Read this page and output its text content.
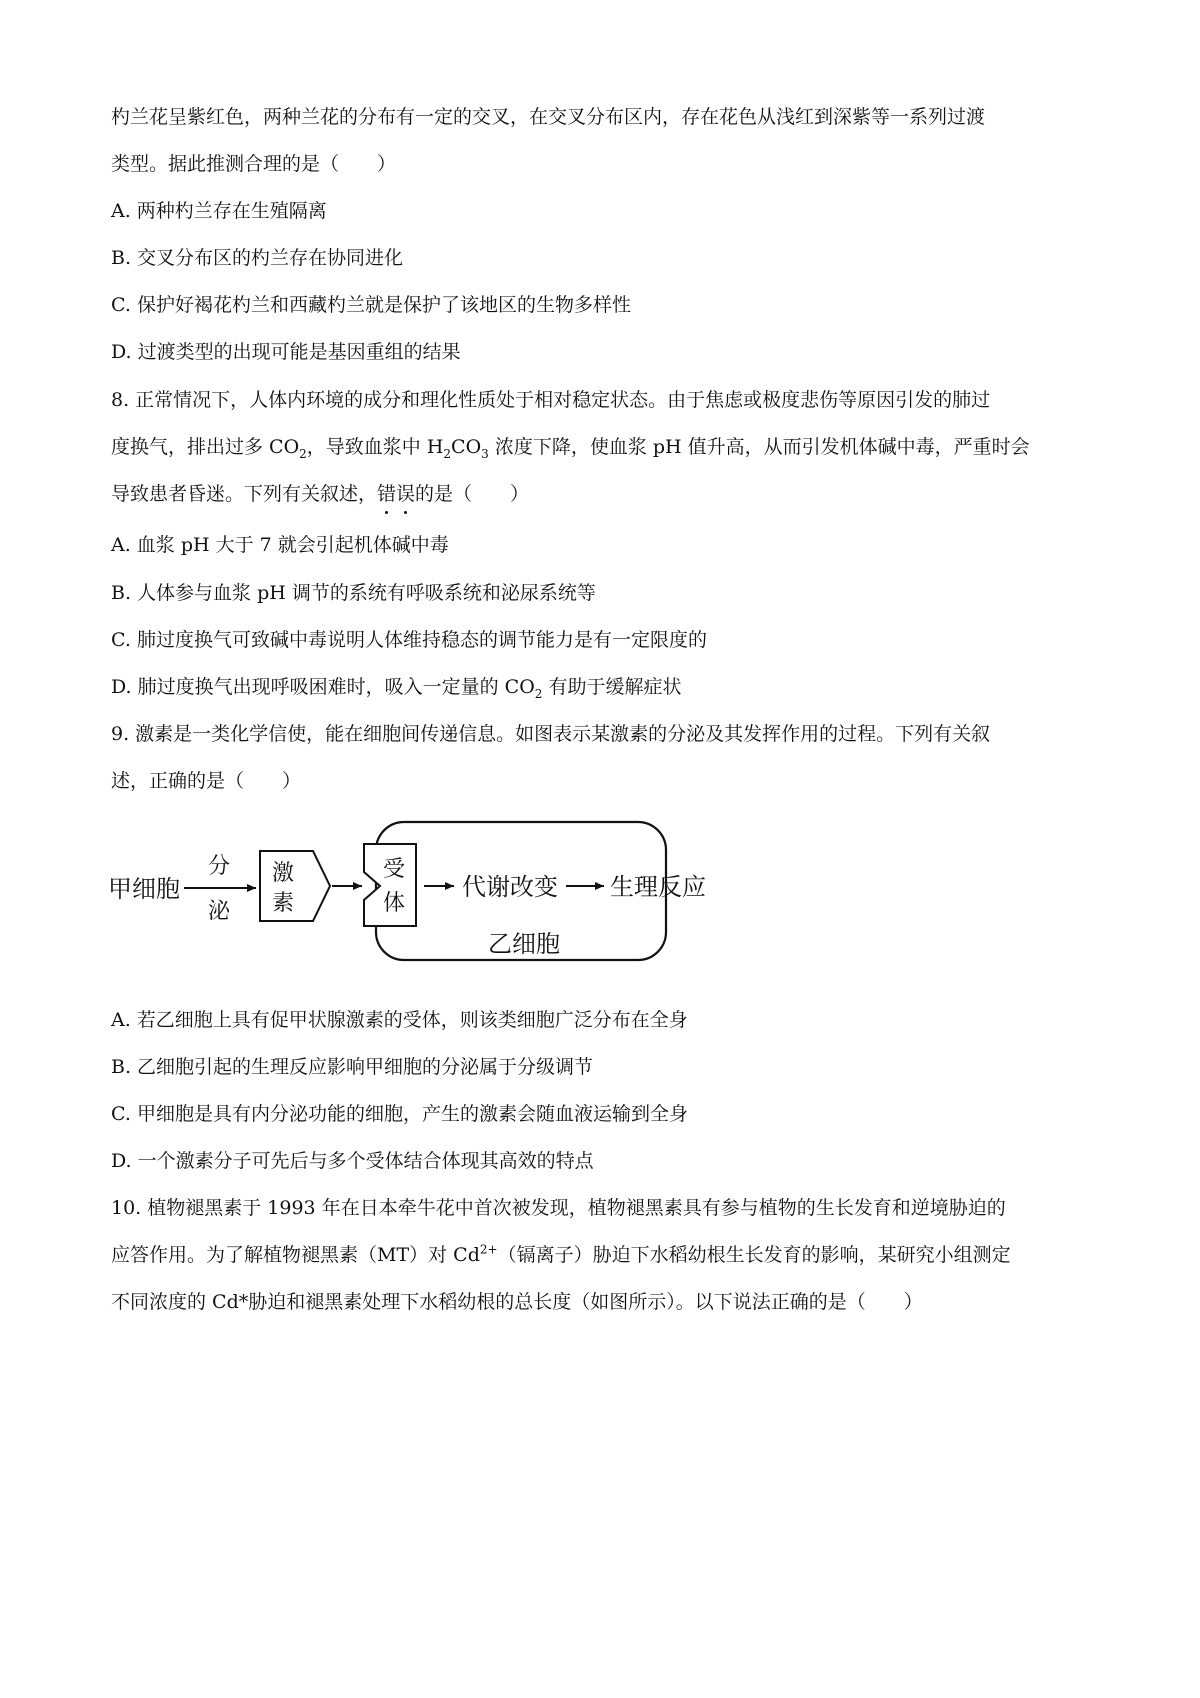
杓兰花呈紫红色，两种兰花的分布有一定的交叉，在交叉分布区内，存在花色从浅红到深紫等一系列过渡
类型。据此推测合理的是（　　）
A. 两种杓兰存在生殖隔离
B. 交叉分布区的杓兰存在协同进化
C. 保护好褐花杓兰和西藏杓兰就是保护了该地区的生物多样性
D. 过渡类型的出现可能是基因重组的结果
8. 正常情况下，人体内环境的成分和理化性质处于相对稳定状态。由于焦虑或极度悲伤等原因引发的肺过
度换气，排出过多 $CO_2$，导致血浆中 $H_2CO_3$ 浓度下降，使血浆 pH 值升高，从而引发机体碱中毒，严重时会
导致患者昏迷。下列有关叙述，错误的是（　　）
A. 血浆 pH 大于 7 就会引起机体碱中毒
B. 人体参与血浆 pH 调节的系统有呼吸系统和泌尿系统等
C. 肺过度换气可致碱中毒说明人体维持稳态的调节能力是有一定限度的
D. 肺过度换气出现呼吸困难时，吸入一定量的 $CO_2$ 有助于缓解症状
9. 激素是一类化学信使，能在细胞间传递信息。如图表示某激素的分泌及其发挥作用的过程。下列有关叙
述，正确的是（　　）
甲细胞
分
泌
激
素
受
体
代谢改变 生理反应
乙细胞
A. 若乙细胞上具有促甲状腺激素的受体，则该类细胞广泛分布在全身
B. 乙细胞引起的生理反应影响甲细胞的分泌属于分级调节
C. 甲细胞是具有内分泌功能的细胞，产生的激素会随血液运输到全身
D. 一个激素分子可先后与多个受体结合体现其高效的特点
10. 植物褪黑素于 1993 年在日本牵牛花中首次被发现，植物褪黑素具有参与植物的生长发育和逆境胁迫的
应答作用。为了解植物褪黑素（MT）对 $Cd^{2+}$（镉离子）胁迫下水稻幼根生长发育的影响，某研究小组测定
不同浓度的 Cd*胁迫和褪黑素处理下水稻幼根的总长度（如图所示）。以下说法正确的是（　　）
